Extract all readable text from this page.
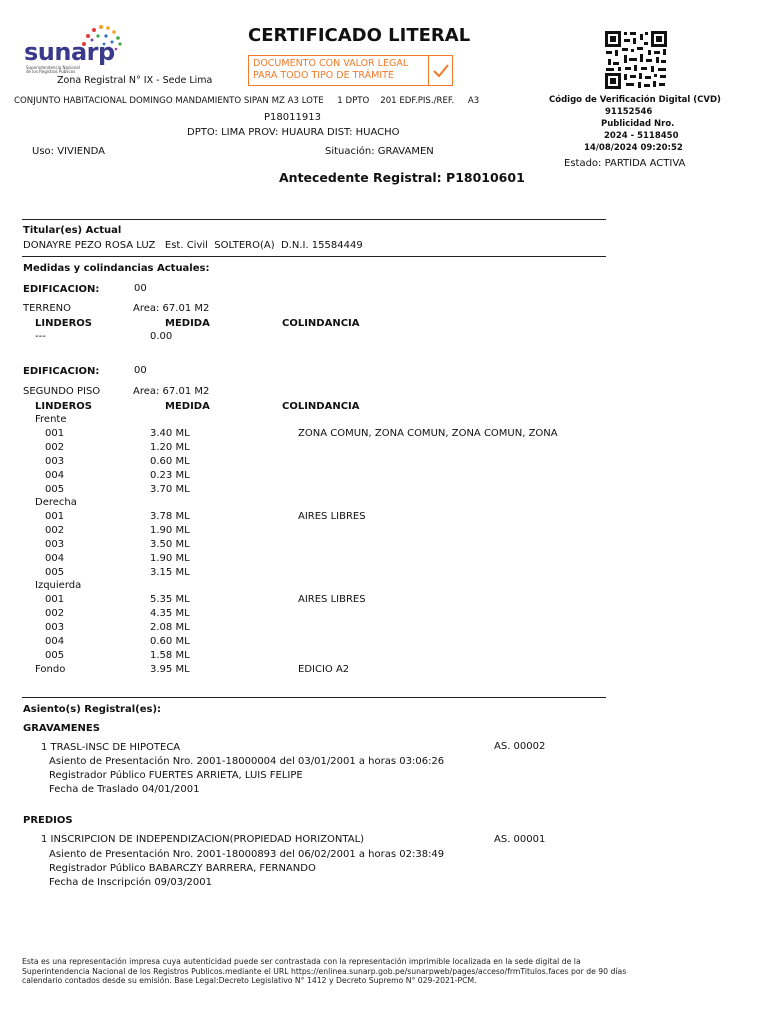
sunarp
Superintendencia Nacional de los Registros Públicos
Zona Registral N° IX - Sede Lima
CERTIFICADO LITERAL
DOCUMENTO CON VALOR LEGAL
PARA TODO TIPO DE TRÁMITE
Código de Verificación Digital (CVD)
91152546
Publicidad Nro.
2024 - 5118450
14/08/2024 09:20:52
Estado: PARTIDA ACTIVA
CONJUNTO HABITACIONAL DOMINGO MANDAMIENTO SIPAN MZ A3 LOTE     1 DPTO    201 EDF.PIS./REF.     A3
P18011913
DPTO: LIMA PROV: HUAURA DIST: HUACHO
Uso: VIVIENDA	Situación: GRAVAMEN
Antecedente Registral: P18010601
Titular(es) Actual
DONAYRE PEZO ROSA LUZ   Est. Civil  SOLTERO(A)  D.N.I. 15584449
Medidas y colindancias Actuales:
EDIFICACION:	00
TERRENO	Area: 67.01 M2
LINDEROS	MEDIDA	COLINDANCIA
---	0.00
EDIFICACION:	00
SEGUNDO PISO	Area: 67.01 M2
LINDEROS	MEDIDA	COLINDANCIA
Frente
001	3.40 ML	ZONA COMUN, ZONA COMUN, ZONA COMUN, ZONA
002	1.20 ML
003	0.60 ML
004	0.23 ML
005	3.70 ML
Derecha
001	3.78 ML	AIRES LIBRES
002	1.90 ML
003	3.50 ML
004	1.90 ML
005	3.15 ML
Izquierda
001	5.35 ML	AIRES LIBRES
002	4.35 ML
003	2.08 ML
004	0.60 ML
005	1.58 ML
Fondo	3.95 ML	EDICIO A2
Asiento(s) Registral(es):
GRAVAMENES
1 TRASL-INSC DE HIPOTECA	AS. 00002
Asiento de Presentación Nro. 2001-18000004 del 03/01/2001 a horas 03:06:26
Registrador Público FUERTES ARRIETA, LUIS FELIPE
Fecha de Traslado 04/01/2001
PREDIOS
1 INSCRIPCION DE INDEPENDIZACION(PROPIEDAD HORIZONTAL)	AS. 00001
Asiento de Presentación Nro. 2001-18000893 del 06/02/2001 a horas 02:38:49
Registrador Público BABARCZY BARRERA, FERNANDO
Fecha de Inscripción 09/03/2001
Esta es una representación impresa cuya autenticidad puede ser contrastada con la representación imprimible localizada en la sede digital de la Superintendencia Nacional de los Registros Publicos.mediante el URL https://enlinea.sunarp.gob.pe/sunarpweb/pages/acceso/frmTitulos.faces por de 90 días calendario contados desde su emisión. Base Legal:Decreto Legislativo N° 1412 y Decreto Supremo N° 029-2021-PCM.
